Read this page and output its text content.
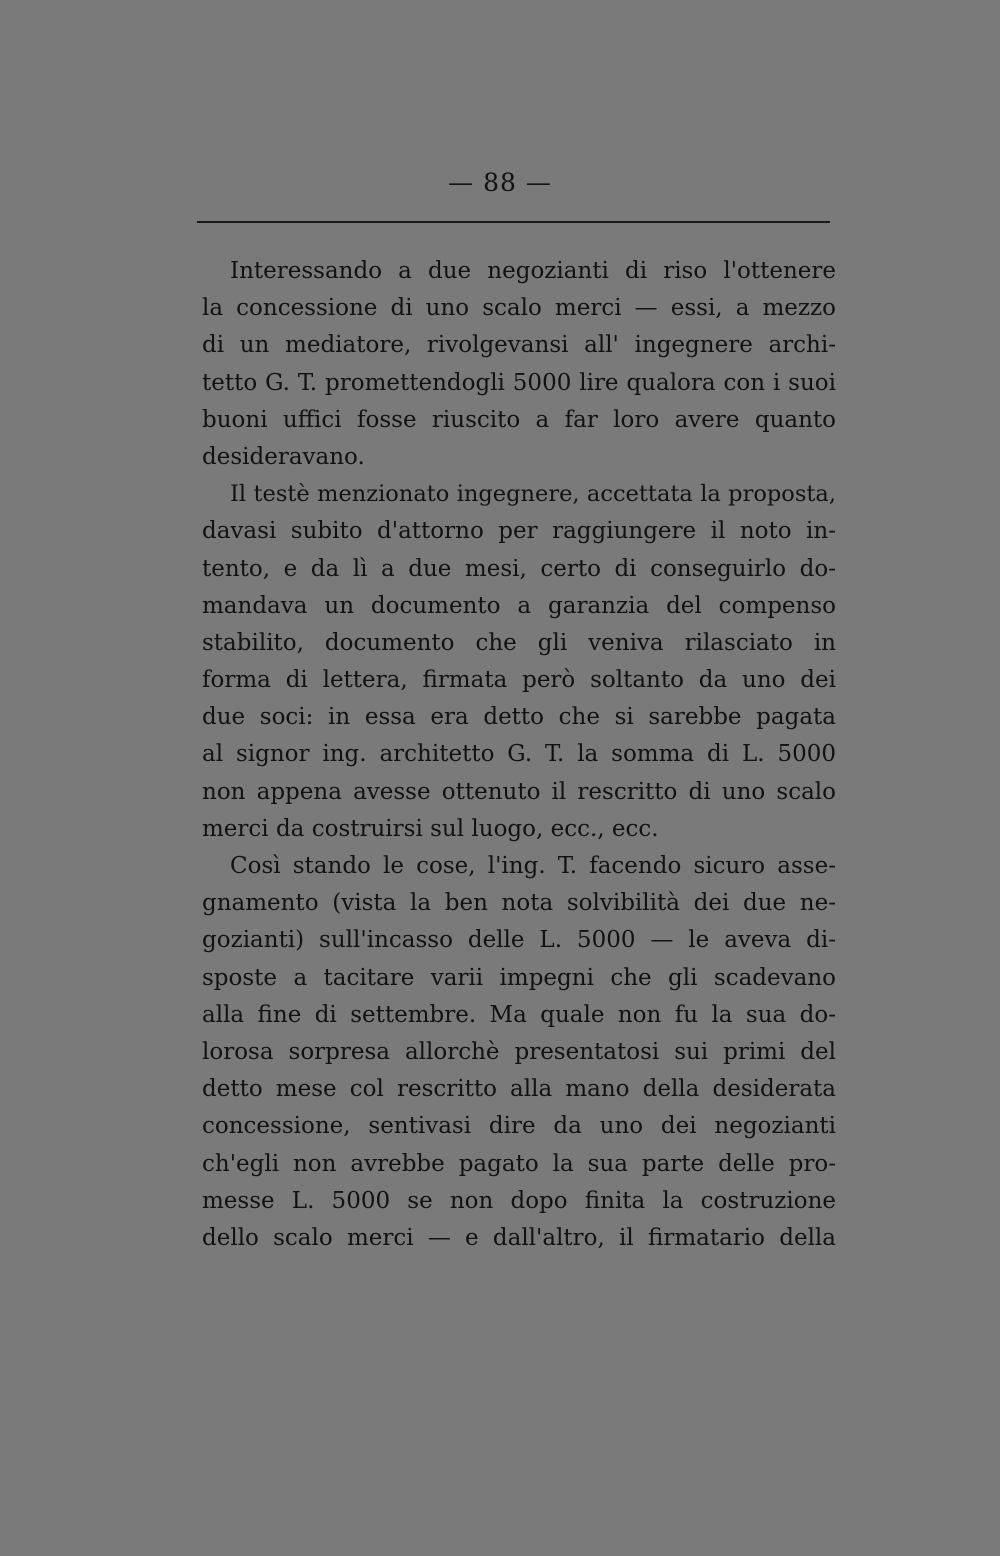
— 88 —
Interessando a due negozianti di riso l'ottenere
la concessione di uno scalo merci — essi, a mezzo
di un mediatore, rivolgevansi all' ingegnere archi-
tetto G. T. promettendogli 5000 lire qualora con i suoi
buoni uffici fosse riuscito a far loro avere quanto
desideravano.
Il testè menzionato ingegnere, accettata la proposta,
davasi subito d'attorno per raggiungere il noto in-
tento, e da lì a due mesi, certo di conseguirlo do-
mandava un documento a garanzia del compenso
stabilito, documento che gli veniva rilasciato in
forma di lettera, firmata però soltanto da uno dei
due soci: in essa era detto che si sarebbe pagata
al signor ing. architetto G. T. la somma di L. 5000
non appena avesse ottenuto il rescritto di uno scalo
merci da costruirsi sul luogo, ecc., ecc.
Così stando le cose, l'ing. T. facendo sicuro asse-
gnamento (vista la ben nota solvibilità dei due ne-
gozianti) sull'incasso delle L. 5000 — le aveva di-
sposte a tacitare varii impegni che gli scadevano
alla fine di settembre. Ma quale non fu la sua do-
lorosa sorpresa allorchè presentatosi sui primi del
detto mese col rescritto alla mano della desiderata
concessione, sentivasi dire da uno dei negozianti
ch'egli non avrebbe pagato la sua parte delle pro-
messe L. 5000 se non dopo finita la costruzione
dello scalo merci — e dall'altro, il firmatario della
